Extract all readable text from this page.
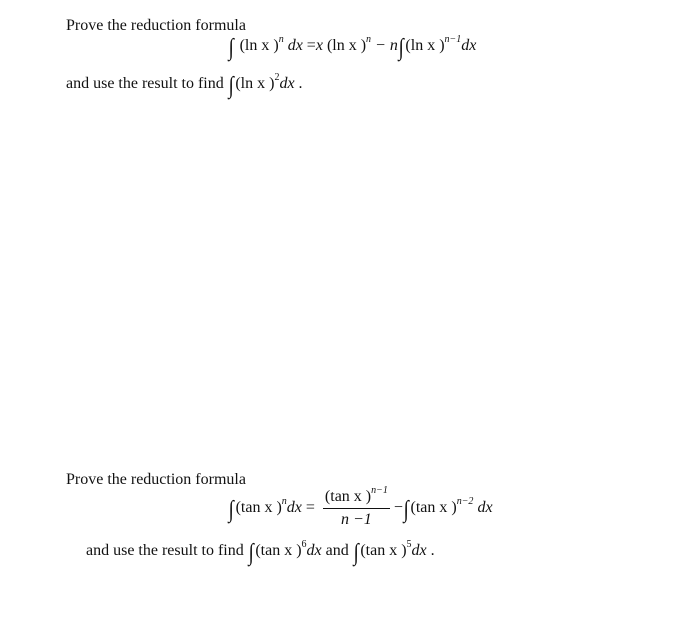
Prove the reduction formula
∫ (ln x )$^n$ dx =x (ln x )$^n$ − n∫ (ln x )$^{n-1}$dx
and use the result to find ∫ (ln x )$^2$dx .
Prove the reduction formula
∫ (tan x )$^ndx = \frac{(\tan x )^{n-1}}{n -1}$ −∫ (tan x )$^{n-2}$ dx
and use the result to find ∫ (tan x )$^6$dx and ∫ (tan x )$^5$dx .
